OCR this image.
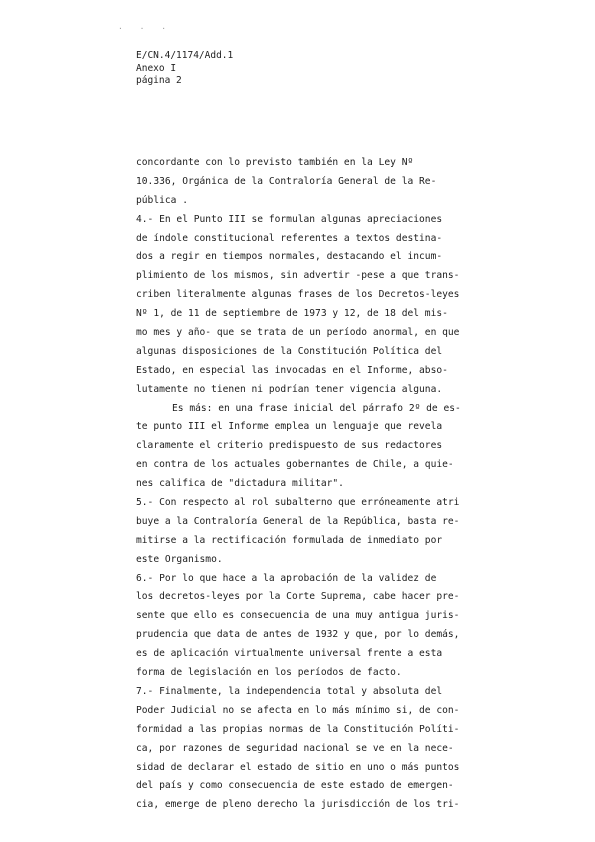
. . .
E/CN.4/1174/Add.1
Anexo I
página 2
concordante con lo previsto también en la Ley Nº
10.336, Orgánica de la Contraloría General de la Re-
pública .
4.- En el Punto III se formulan algunas apreciaciones
de índole constitucional referentes a textos destina-
dos a regir en tiempos normales, destacando el incum-
plimiento de los mismos, sin advertir -pese a que trans-
criben literalmente algunas frases de los Decretos-leyes
Nº 1, de 11 de septiembre de 1973 y 12, de 18 del mis-
mo mes y año- que se trata de un período anormal, en que
algunas disposiciones de la Constitución Política del
Estado, en especial las invocadas en el Informe, abso-
lutamente no tienen ni podrían tener vigencia alguna.
Es más: en una frase inicial del párrafo 2º de es-
te punto III el Informe emplea un lenguaje que revela
claramente el criterio predispuesto de sus redactores
en contra de los actuales gobernantes de Chile, a quie-
nes califica de "dictadura militar".
5.- Con respecto al rol subalterno que erróneamente atri
buye a la Contraloría General de la República, basta re-
mitirse a la rectificación formulada de inmediato por
este Organismo.
6.- Por lo que hace a la aprobación de la validez de
los decretos-leyes por la Corte Suprema, cabe hacer pre-
sente que ello es consecuencia de una muy antigua juris-
prudencia que data de antes de 1932 y que, por lo demás,
es de aplicación virtualmente universal frente a esta
forma de legislación en los períodos de facto.
7.- Finalmente, la independencia total y absoluta del
Poder Judicial no se afecta en lo más mínimo si, de con-
formidad a las propias normas de la Constitución Políti-
ca, por razones de seguridad nacional se ve en la nece-
sidad de declarar el estado de sitio en uno o más puntos
del país y como consecuencia de este estado de emergen-
cia, emerge de pleno derecho la jurisdicción de los tri-
